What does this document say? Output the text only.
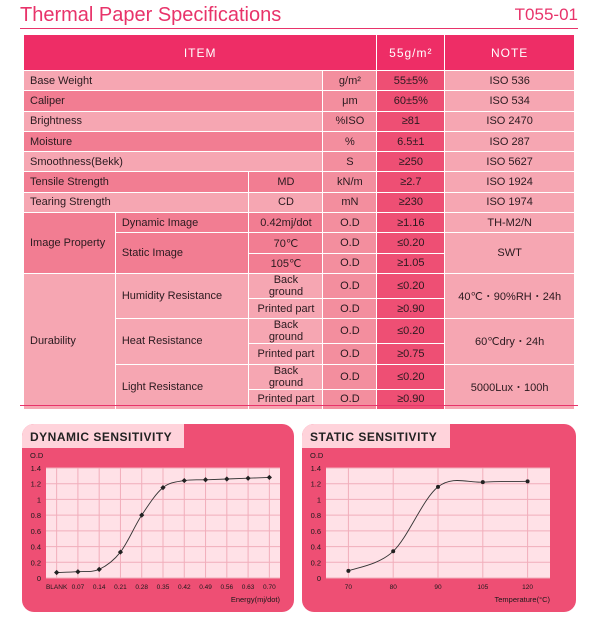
Thermal Paper Specifications	T055-01
ITEM				55g/m²	NOTE
Base Weight			g/m²	55±5%	ISO 536
Caliper			μm	60±5%	ISO 534
Brightness			%ISO	≥81	ISO 2470
Moisture			%	6.5±1	ISO 287
Smoothness(Bekk)			S	≥250	ISO 5627
Tensile Strength		MD	kN/m	≥2.7	ISO 1924
Tearing Strength		CD	mN	≥230	ISO 1974
Image Property	Dynamic Image	0.42mj/dot	O.D	≥1.16	TH-M2/N
	Static Image	70℃	O.D	≤0.20	SWT
		105℃	O.D	≥1.05	
Durability	Humidity Resistance	Back ground	O.D	≤0.20	40℃・90%RH・24h
		Printed part	O.D	≥0.90	
	Heat Resistance	Back ground	O.D	≤0.20	60℃dry・24h
		Printed part	O.D	≥0.75	
	Light Resistance	Back ground	O.D	≤0.20	5000Lux・100h
		Printed part	O.D	≥0.90	
DYNAMIC SENSITIVITY
0
0.2
0.4
0.6
0.8
1
1.2
1.4
BLANK 0.07 0.14 0.21 0.28 0.35 0.42 0.49 0.56 0.63 0.70
O.D
Energy(mj/dot)
STATIC SENSITIVITY
0
0.2
0.4
0.6
0.8
1
1.2
1.4
70	80	90	105	120
O.D
Temperature(°C)
